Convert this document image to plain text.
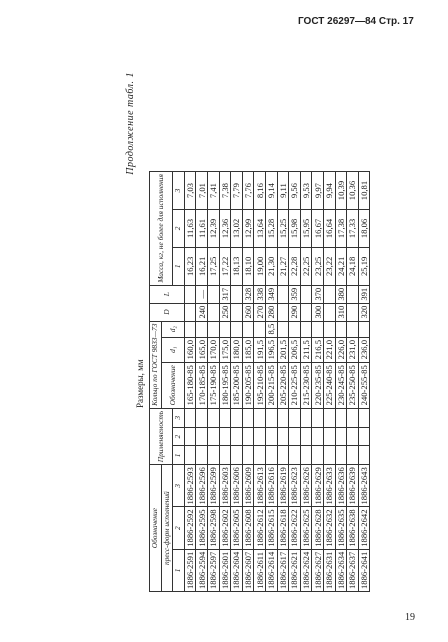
ГОСТ 26297—84 Стр. 17
Продолжение табл. 1
Размеры, мм
Обозначение			Применяемость			Кольцо по ГОСТ 9833—73			D	L	Масса, кг, не более для исполнения		
пресс-форм исполнений						Обозначение	d₁	d₂					
1	2	3	1	2	3						1	2	3
1886-2591	1886-2592	1886-2593				165-180-85	160,0				16,23	11,63	7,03
1886-2594	1886-2595	1886-2596				170-185-85	165,0		240	—	16,21	11,61	7,01
1886-2597	1886-2598	1886-2599				175-190-85	170,0				17,25	12,39	7,41
1886-2601	1886-2602	1886-2603				180-195-85	175,0		250	317	17,22	12,36	7,38
1886-2604	1886-2605	1886-2606				185-200-85	180,0				18,13	13,02	7,79
1886-2607	1886-2608	1886-2609				190-205-85	185,0		260	328	18,10	12,99	7,76
1886-2611	1886-2612	1886-2613				195-210-85	191,5		270	338	19,00	13,64	8,16
1886-2614	1886-2615	1886-2616				200-215-85	196,5	8,5	280	349	21,30	15,28	9,14
1886-2617	1886-2618	1886-2619				205-220-85	201,5				21,27	15,25	9,11
1886-2621	1886-2622	1886-2623				210-225-85	206,5		290	359	22,28	15,98	9,56
1886-2624	1886-2625	1886-2626				215-230-85	211,5				22,25	15,95	9,53
1886-2627	1886-2628	1886-2629				220-235-85	216,5		300	370	23,25	16,67	9,97
1886-2631	1886-2632	1886-2633				225-240-85	221,0				23,22	16,64	9,94
1886-2634	1886-2635	1886-2636				230-245-85	226,0		310	380	24,21	17,38	10,39
1886-2637	1886-2638	1886-2639				235-250-85	231,0				24,18	17,33	10,36
1886-2641	1886-2642	1886-2643				240-255-85	236,0		320	391	25,19	18,06	10,81
19
